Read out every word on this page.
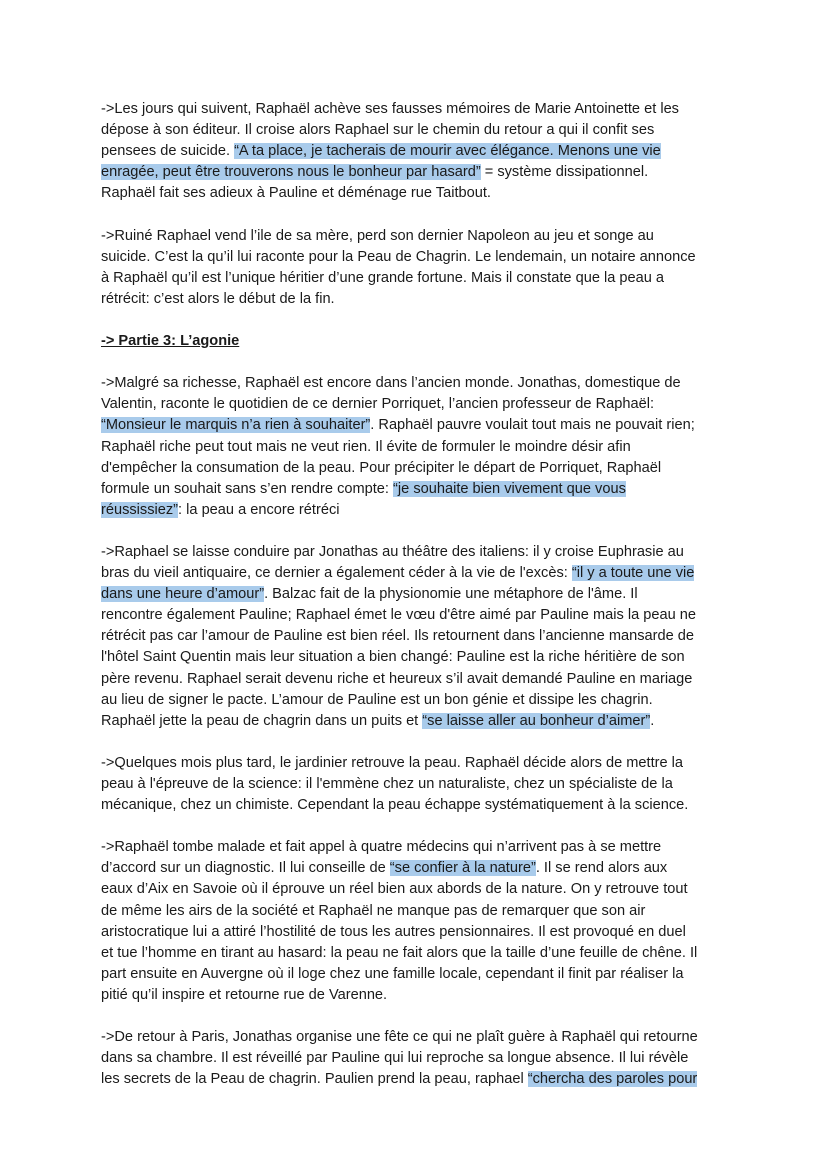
->Les jours qui suivent, Raphaël achève ses fausses mémoires de Marie Antoinette et les
dépose à son éditeur. Il croise alors Raphael sur le chemin du retour a qui il confit ses
pensees de suicide. “A ta place, je tacherais de mourir avec élégance. Menons une vie
enragée, peut être trouverons nous le bonheur par hasard” = système dissipationnel.
Raphaël fait ses adieux à Pauline et déménage rue Taitbout.
->Ruiné Raphael vend l’ile de sa mère, perd son dernier Napoleon au jeu et songe au
suicide. C’est la qu’il lui raconte pour la Peau de Chagrin. Le lendemain, un notaire annonce
à Raphaël qu’il est l’unique héritier d’une grande fortune. Mais il constate que la peau a
rétrécit: c’est alors le début de la fin.
-> Partie 3: L’agonie
->Malgré sa richesse, Raphaël est encore dans l’ancien monde. Jonathas, domestique de
Valentin, raconte le quotidien de ce dernier Porriquet, l’ancien professeur de Raphaël:
“Monsieur le marquis n’a rien à souhaiter”. Raphaël pauvre voulait tout mais ne pouvait rien;
Raphaël riche peut tout mais ne veut rien. Il évite de formuler le moindre désir afin
d'empêcher la consumation de la peau. Pour précipiter le départ de Porriquet, Raphaël
formule un souhait sans s’en rendre compte: “je souhaite bien vivement que vous
réussissiez”: la peau a encore rétréci
->Raphael se laisse conduire par Jonathas au théâtre des italiens: il y croise Euphrasie au
bras du vieil antiquaire, ce dernier a également céder à la vie de l'excès: “il y a toute une vie
dans une heure d’amour”. Balzac fait de la physionomie une métaphore de l'âme. Il
rencontre également Pauline; Raphael émet le vœu d'être aimé par Pauline mais la peau ne
rétrécit pas car l’amour de Pauline est bien réel. Ils retournent dans l’ancienne mansarde de
l'hôtel Saint Quentin mais leur situation a bien changé: Pauline est la riche héritière de son
père revenu. Raphael serait devenu riche et heureux s’il avait demandé Pauline en mariage
au lieu de signer le pacte. L’amour de Pauline est un bon génie et dissipe les chagrin.
Raphaël jette la peau de chagrin dans un puits et “se laisse aller au bonheur d’aimer”.
->Quelques mois plus tard, le jardinier retrouve la peau. Raphaël décide alors de mettre la
peau à l'épreuve de la science: il l'emmène chez un naturaliste, chez un spécialiste de la
mécanique, chez un chimiste. Cependant la peau échappe systématiquement à la science.
->Raphaël tombe malade et fait appel à quatre médecins qui n’arrivent pas à se mettre
d’accord sur un diagnostic. Il lui conseille de “se confier à la nature”. Il se rend alors aux
eaux d’Aix en Savoie où il éprouve un réel bien aux abords de la nature. On y retrouve tout
de même les airs de la société et Raphaël ne manque pas de remarquer que son air
aristocratique lui a attiré l’hostilité de tous les autres pensionnaires. Il est provoqué en duel
et tue l’homme en tirant au hasard: la peau ne fait alors que la taille d’une feuille de chêne. Il
part ensuite en Auvergne où il loge chez une famille locale, cependant il finit par réaliser la
pitié qu’il inspire et retourne rue de Varenne.
->De retour à Paris, Jonathas organise une fête ce qui ne plaît guère à Raphaël qui retourne
dans sa chambre. Il est réveillé par Pauline qui lui reproche sa longue absence. Il lui révèle
les secrets de la Peau de chagrin. Paulien prend la peau, raphael “chercha des paroles pour
